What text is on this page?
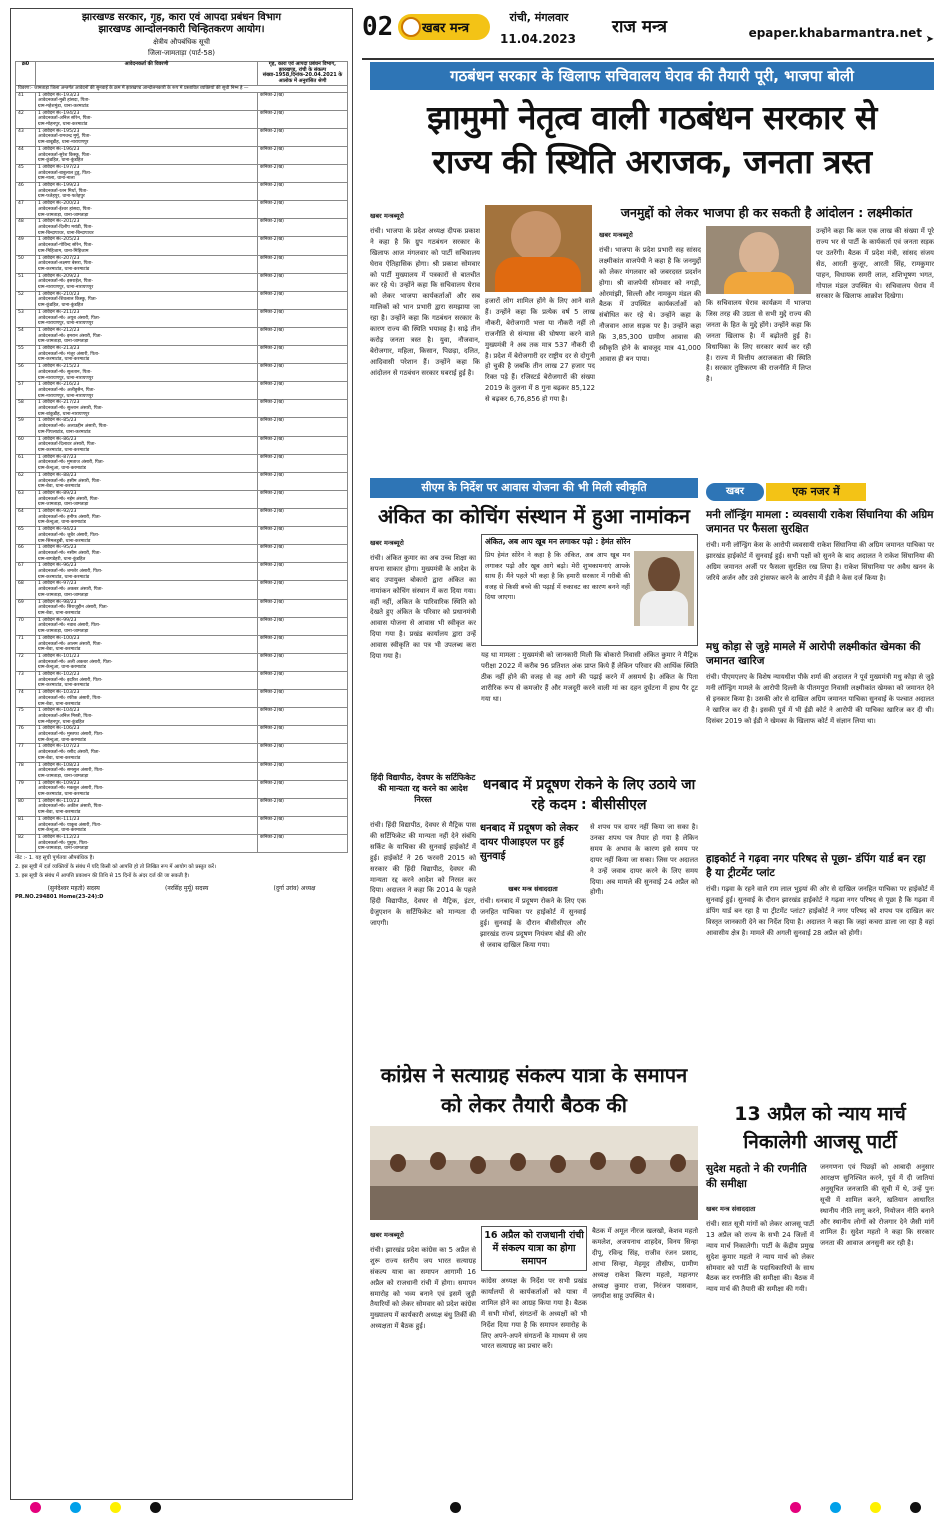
झारखण्ड सरकार, गृह, कारा एवं आपदा प्रबंधन विभाग
झारखण्ड आन्दोलनकारी चिन्हितकरण आयोग।
क्षेत्रीय औपबंधिक सूची
जिला-जामताड़ा (पार्ट-58)
क्र0	आवेदनकर्ता की विवरणी	गृह, कारा एवं आपदा प्रबंधन विभाग, झारखण्ड, रांची के संकल्प संख्या-1958,दिनांक-20.04.2021 के आलोक में अनुशंसित श्रेणी
विवरण:- जामताड़ा जिला अन्तर्गत आवेदनों की सुनवाई के क्रम में झारखण्ड आन्दोलनकारी के रूप में प्रस्तावित व्यक्तियों की सूची निम्न है —		
41	1 आवेदन सं०-193/23
आवेदनकर्ता-मुन्नी हांसदा, पिता-
ग्राम-महेशमुंडा, थाना-करमाटांड	कनिका-2(ख)
42	1 आवेदन सं०-194/23
आवेदनकर्ता-अनिल सोरेन, पिता-
ग्राम-मोहनपुर, थाना-करमाटांड	कनिका-2(ख)
43	1 आवेदन सं०-195/23
आवेदनकर्ता-रामचन्द्र मुर्मू, पिता-
ग्राम-बाबूडीह, थाना-नारायणपुर	कनिका-2(ख)
44	1 आवेदन सं०-196/23
आवेदनकर्ता-सुरेश किस्कु, पिता-
ग्राम-कुंडहित, थाना-कुंडहित	कनिका-2(ख)
45	1 आवेदन सं०-197/23
आवेदनकर्ता-बाबुलाल टुडू, पिता-
ग्राम-नाला, थाना-नाला	कनिका-2(ख)
46	1 आवेदन सं०-199/23
आवेदनकर्ता-रतन मिर्धा, पिता-
ग्राम-फतेहपुर, थाना-फतेहपुर	कनिका-2(ख)
47	1 आवेदन सं०-200/23
आवेदनकर्ता-ईश्वर हांसदा, पिता-
ग्राम-जामताड़ा, थाना-जामताड़ा	कनिका-2(ख)
48	1 आवेदन सं०-201/23
आवेदनकर्ता-दिलीप मरांडी, पिता-
ग्राम-बिन्दापाथर, थाना-बिन्दापाथर	कनिका-2(ख)
49	1 आवेदन सं०-205/23
आवेदनकर्ता-गोविन्द सोरेन, पिता-
ग्राम-मिहिजाम, थाना-मिहिजाम	कनिका-2(ख)
50	1 आवेदन सं०-207/23
आवेदनकर्ता-लक्ष्मण बेसरा, पिता-
ग्राम-करमाटांड, थाना-करमाटांड	कनिका-2(ख)
51	1 आवेदन सं०-209/23
आवेदनकर्ता-मो० इसराईल, पिता-
ग्राम-नारायणपुर, थाना-नारायणपुर	कनिका-2(ख)
52	1 आवेदन सं०-210/23
आवेदनकर्ता-शिवलाल किस्कु, पिता-
ग्राम-कुंडहित, थाना-कुंडहित	कनिका-2(ख)
53	1 आवेदन सं०-211/23
आवेदनकर्ता-मो० अयुब अंसारी, पिता-
ग्राम-नारायणपुर, थाना-नारायणपुर	कनिका-2(ख)
54	1 आवेदन सं०-212/23
आवेदनकर्ता-मो० इमरान अंसारी, पिता-
ग्राम-जामताड़ा, थाना-जामताड़ा	कनिका-2(ख)
55	1 आवेदन सं०-213/23
आवेदनकर्ता-मो० मंजूर अंसारी, पिता-
ग्राम-करमाटांड, थाना-करमाटांड	कनिका-2(ख)
56	1 आवेदन सं०-215/23
आवेदनकर्ता-मो० सुलतान, पिता-
ग्राम-नारायणपुर, थाना-नारायणपुर	कनिका-2(ख)
57	1 आवेदन सं०-216/23
आवेदनकर्ता-मो० अलीहुसैन, पिता-
ग्राम-नारायणपुर, थाना-नारायणपुर	कनिका-2(ख)
58	1 आवेदन सं०-217/23
आवेदनकर्ता-मो० सुल्तान अंसारी, पिता-
ग्राम-बांकुडीह, थाना-नारायणपुर	कनिका-2(ख)
59	1 आवेदन सं०-85/23
आवेदनकर्ता-मो० अलाउद्दीन अंसारी, पिता-
ग्राम-पिपलाटांड, थाना-करमाटांड	कनिका-2(ख)
60	1 आवेदन सं०-86/23
आवेदनकर्ता-दिलावर अंसारी, पिता-
ग्राम-करमाटांड, थाना-करमाटांड	कनिका-2(ख)
61	1 आवेदन सं०-87/23
आवेदनकर्ता-मो० मुमताज अंसारी, पिता-
ग्राम-केन्दुआ, थाना-करमाटांड	कनिका-2(ख)
62	1 आवेदन सं०-88/23
आवेदनकर्ता-मो० हसीम अंसारी, पिता-
ग्राम-बेवा, थाना-करमाटांड	कनिका-2(ख)
63	1 आवेदन सं०-89/23
आवेदनकर्ता-मो० नईम अंसारी, पिता-
ग्राम-जामताड़ा, थाना-जामताड़ा	कनिका-2(ख)
64	1 आवेदन सं०-92/23
आवेदनकर्ता-मो० हनीफ अंसारी, पिता-
ग्राम-केन्दुआ, थाना-करमाटांड	कनिका-2(ख)
65	1 आवेदन सं०-94/23
आवेदनकर्ता-मो० जुबैर अंसारी, पिता-
ग्राम-सिमलडूबी, थाना-करमाटांड	कनिका-2(ख)
66	1 आवेदन सं०-95/23
आवेदनकर्ता-मो० नसीम अंसारी, पिता-
ग्राम-बागडेहरी, थाना-कुंडहित	कनिका-2(ख)
67	1 आवेदन सं०-96/23
आवेदनकर्ता-मो० शमशेर अंसारी, पिता-
ग्राम-करमाटांड, थाना-करमाटांड	कनिका-2(ख)
68	1 आवेदन सं०-97/23
आवेदनकर्ता-मो० अकबर अंसारी, पिता-
ग्राम-जामताड़ा, थाना-जामताड़ा	कनिका-2(ख)
69	1 आवेदन सं०-98/23
आवेदनकर्ता-मो० सिराजुद्दीन अंसारी, पिता-
ग्राम-बेवा, थाना-करमाटांड	कनिका-2(ख)
70	1 आवेदन सं०-99/23
आवेदनकर्ता-मो० नवाब अंसारी, पिता-
ग्राम-जामताड़ा, थाना-जामताड़ा	कनिका-2(ख)
71	1 आवेदन सं०-100/23
आवेदनकर्ता-मो० आलम अंसारी, पिता-
ग्राम-बेवा, थाना-करमाटांड	कनिका-2(ख)
72	1 आवेदन सं०-101/23
आवेदनकर्ता-मो० अली अकबर अंसारी, पिता-
ग्राम-केन्दुआ, थाना-करमाटांड	कनिका-2(ख)
73	1 आवेदन सं०-102/23
आवेदनकर्ता-मो० इदरिश अंसारी, पिता-
ग्राम-करमाटांड, थाना-करमाटांड	कनिका-2(ख)
74	1 आवेदन सं०-103/23
आवेदनकर्ता-मो० रफीक अंसारी, पिता-
ग्राम-बेवा, थाना-करमाटांड	कनिका-2(ख)
75	1 आवेदन सं०-104/23
आवेदनकर्ता-अनिल मिस्त्री, पिता-
ग्राम-मोहनपुर, थाना-कुंडहित	कनिका-2(ख)
76	1 आवेदन सं०-106/23
आवेदनकर्ता-मो० मुस्तफा अंसारी, पिता-
ग्राम-केन्दुआ, थाना-करमाटांड	कनिका-2(ख)
77	1 आवेदन सं०-107/23
आवेदनकर्ता-मो० रसीद अंसारी, पिता-
ग्राम-बेवा, थाना-करमाटांड	कनिका-2(ख)
78	1 आवेदन सं०-108/23
आवेदनकर्ता-मो० समसुल अंसारी, पिता-
ग्राम-जामताड़ा, थाना-जामताड़ा	कनिका-2(ख)
79	1 आवेदन सं०-109/23
आवेदनकर्ता-मो० मकबूल अंसारी, पिता-
ग्राम-करमाटांड, थाना-करमाटांड	कनिका-2(ख)
80	1 आवेदन सं०-110/23
आवेदनकर्ता-मो० अकील अंसारी, पिता-
ग्राम-बेवा, थाना-करमाटांड	कनिका-2(ख)
81	1 आवेदन सं०-111/23
आवेदनकर्ता-मो० याकूब अंसारी, पिता-
ग्राम-केन्दुआ, थाना-करमाटांड	कनिका-2(ख)
82	1 आवेदन सं०-112/23
आवेदनकर्ता-मो० युसुफ, पिता-
ग्राम-जामताड़ा, थाना-जामताड़ा	कनिका-2(ख)
नोट :- 1. यह सूची पूर्णतया औपबंधिक है।
2. इस सूची में दर्ज व्यक्तियों के संबंध में यदि किसी को आपत्ति हो तो लिखित रूप में आयोग को प्रस्तुत करें।
3. इस सूची के संबंध में आपत्ति प्रकाशन की तिथि से 15 दिनों के अंदर दर्ज की जा सकती है।
(सुनंदेश्वर महतो) सदस्य	(नरसिंह मुर्मू) सदस्य	(दुर्गा उरांव) अध्यक्ष
PR.NO.294801 Home(23-24):D
02	खबर मन्त्र
रांची, मंगलवार
11.04.2023
राज मन्त्र	epaper.khabarmantra.net ➤
गठबंधन सरकार के खिलाफ सचिवालय घेराव की तैयारी पूरी, भाजपा बोली
झामुमो नेतृत्व वाली गठबंधन सरकार से
राज्य की स्थिति अराजक, जनता त्रस्त
खबर मन्त्रब्यूरो
रांची। भाजपा के प्रदेश अध्यक्ष दीपक प्रकाश ने कहा है कि ग्रुप गठबंधन सरकार के खिलाफ आज मंगलवार को पार्टी सचिवालय घेराव ऐतिहासिक होगा। श्री प्रकाश सोमवार को पार्टी मुख्यालय में पत्रकारों से बातचीत कर रहे थे। उन्होंने कहा कि सचिवालय घेराव को लेकर भाजपा कार्यकर्ताओं और सब मालिकों को भान प्रभारी द्वारा समझाया जा रहा है। उन्होंने कहा कि गठबंधन सरकार के कारण राज्य की स्थिति भयावह है। साढ़े तीन करोड़ जनता त्रस्त है। युवा, नौजवान, बेरोजगार, महिला, किसान, पिछड़ा, दलित, आदिवासी परेशान हैं। उन्होंने कहा कि आंदोलन से गठबंधन सरकार घबराई हुई है।
हजारों लोग शामिल होंगे के लिए आने वाले हैं। उन्होंने कहा कि प्रत्येक वर्ष 5 लाख नौकरी, बेरोजगारी भत्ता या नौकरी नहीं तो राजनीति से संन्यास की घोषणा करने वाले मुख्यमंत्री ने अब तक मात्र 537 नौकरी दी है। प्रदेश में बेरोजगारी दर राष्ट्रीय दर से दोगुनी हो चुकी है जबकि तीन लाख 27 हजार पद रिक्त पड़े हैं। रजिस्टर्ड बेरोजगारों की संख्या 2019 के तुलना में 8 गुना बढ़कर 85,122 से बढ़कर 6,76,856 हो गया है।
जनमुद्दों को लेकर भाजपा ही कर सकती है आंदोलन : लक्ष्मीकांत
खबर मन्त्रब्यूरो
रांची। भाजपा के प्रदेश प्रभारी सह सांसद लक्ष्मीकांत वाजपेयी ने कहा है कि जनमुद्दों को लेकर मंगलवार को जबरदस्त प्रदर्शन होगा। श्री वाजपेयी सोमवार को नगड़ी, ओरमांझी, सिल्ली और नामकुम मंडल की बैठक में उपस्थित कार्यकर्ताओं को संबोधित कर रहे थे। उन्होंने कहा के नौजवान आज सड़क पर है। उन्होंने कहा कि 3,85,300 ग्रामीण आवास की स्वीकृति होने के बावजूद मात्र 41,000 आवास ही बन पाया।
कि सचिवालय घेराव कार्यक्रम में भाजपा जिस तरह की उग्रता से सभी मुद्दे राज्य की जनता के हित के मुद्दे होंगे। उन्होंने कहा कि जनता खिलाफ है। में बढ़ोतरी हुई है। विधायिका के लिए सरकार कार्य कर रही है। राज्य में वित्तीय अराजकता की स्थिति है। सरकार तुष्टिकरण की राजनीति में लिप्त है।
उन्होंने कहा कि कल एक लाख की संख्या में पूरे राज्य भर से पार्टी के कार्यकर्ता एवं जनता सड़क पर उतरेंगी। बैठक में प्रदेश मंत्री, सांसद संजय सेठ, आरती कुजूर, आरती सिंह, रामकुमार पाहन, विधायक समरी लाल, शशिभूषण भगत, गोपाल मंडल उपस्थित थे। सचिवालय घेराव में सरकार के खिलाफ आक्रोश दिखेगा।
सीएम के निर्देश पर आवास योजना की भी मिली स्वीकृति
अंकित का कोचिंग संस्थान में हुआ नामांकन
खबर मन्त्रब्यूरो
रांची। अंकित कुमार का अब उच्च शिक्षा का सपना साकार होगा। मुख्यमंत्री के आदेश के बाद उपायुक्त बोकारो द्वारा अंकित का नामांकन कोचिंग संस्थान में करा दिया गया। वहीं नहीं, अंकित के पारिवारिक स्थिति को देखते हुए अंकित के परिवार को प्रधानमंत्री आवास योजना से आवास भी स्वीकृत कर दिया गया है। प्रखंड कार्यालय द्वारा उन्हें आवास स्वीकृति का पत्र भी उपलब्ध करा दिया गया है।
अंकित, अब आप खूब मन लगाकर पढ़ो : हेमंत सोरेन
प्रिय हेमंत सोरेन ने कहा है कि अंकित, अब आप खूब मन लगाकर पढ़ो और खूब आगे बढ़ो। मेरी शुभकामनाएं आपके साथ हैं। मैंने पहले भी कहा है कि हमारी सरकार में गरीबी की वजह से किसी बच्चे की पढ़ाई में रुकावट का कारण बनने नहीं दिया जाएगा।
यह था मामला : मुख्यमंत्री को जानकारी मिली कि बोकारो निवासी अंकित कुमार ने मैट्रिक परीक्षा 2022 में करीब 96 प्रतिशत अंक प्राप्त किये हैं लेकिन परिवार की आर्थिक स्थिति ठीक नहीं होने की वजह से वह आगे की पढ़ाई करने में असमर्थ है। अंकित के पिता शारीरिक रूप से कमजोर हैं और मजदूरी करने वाली मां का दहन दुर्घटना में हाथ पैर टूट गया था।
हिंदी विद्यापीठ, देवघर के सर्टिफिकेट की मान्यता रद्द करने का आदेश निरस्त
रांची। हिंदी विद्यापीठ, देवघर से मैट्रिक पास की सर्टिफिकेट की मान्यता नहीं देने संबंधि सर्किट के याचिका की सुनवाई हाईकोर्ट में हुई। हाईकोर्ट ने 26 फरवरी 2015 को सरकार की हिंदी विद्यापीठ, देवघर की मान्यता रद्द करने आदेश को निरस्त कर दिया। अदालत ने कहा कि 2014 के पहले हिंदी विद्यापीठ, देवघर से मैट्रिक, इंटर, ग्रेजुएशन के सर्टिफिकेट को मान्यता दी जाएगी।
धनबाद में प्रदूषण रोकने के लिए उठाये जा रहे कदम : बीसीसीएल
धनबाद में प्रदूषण को लेकर दायर पीआइएल पर हुई सुनवाई
खबर मन्त्र संवाददाता
रांची। धनबाद में प्रदूषण रोकने के लिए एक जनहित याचिका पर हाईकोर्ट में सुनवाई हुई। सुनवाई के दौरान बीसीसीएल और झारखंड राज्य प्रदूषण नियंत्रण बोर्ड की ओर से जवाब दाखिल किया गया।
से शपथ पत्र दायर नहीं किया जा सका है। उनका शपथ पत्र तैयार हो गया है लेकिन समय के अभाव के कारण इसे समय पर दायर नहीं किया जा सका। जिस पर अदालत ने उन्हें जवाब दायर करने के लिए समय दिया। अब मामले की सुनवाई 24 अप्रैल को होगी।
कांग्रेस ने सत्याग्रह संकल्प यात्रा के समापन को लेकर तैयारी बैठक की
खबर मन्त्रब्यूरो
रांची। झारखंड प्रदेश कांग्रेस का 5 अप्रैल से शुरू राज्य स्तरीय जय भारत सत्याग्रह संकल्प यात्रा का समापन आगामी 16 अप्रैल को राजधानी रांची में होगा। समापन समारोह को भव्य बनाने एवं इसमें जुड़ी तैयारियों को लेकर सोमवार को प्रदेश कांग्रेस मुख्यालय में कार्यकारी अध्यक्ष बंधु तिर्की की अध्यक्षता में बैठक हुई।
16 अप्रैल को राजधानी रांची में संकल्प यात्रा का होगा समापन
कांग्रेस अध्यक्ष के निर्देश पर सभी प्रखंड कार्यालयों से कार्यकर्ताओं को यात्रा में शामिल होने का आग्रह किया गया है। बैठक में सभी मोर्चा, संगठनों के अध्यक्षों को भी निर्देश दिया गया है कि समापन समारोह के लिए अपने-अपने संगठनों के माध्यम से जय भारत सत्याग्रह का प्रचार करें।
बैठक में अमूल नीरज खलखो, केशव महतो कमलेश, अजयनाथ शाहदेव, विनय सिन्हा दीपू, रविन्द्र सिंह, राजीव रंजन प्रसाद, आभा सिन्हा, मेहमूद तौसीफ, ग्रामीण अध्यक्ष राकेश किरण महतो, महानगर अध्यक्ष कुमार राजा, निरंजन पासवान, जगदीश साहू उपस्थित थे।
खबर	एक नजर में
मनी लॉन्ड्रिंग मामला : व्यवसायी राकेश सिंघानिया की अग्रिम जमानत पर फैसला सुरक्षित
रांची। मनी लॉन्ड्रिंग केस के आरोपी व्यवसायी राकेश सिंघानिया की अग्रिम जमानत याचिका पर झारखंड हाईकोर्ट में सुनवाई हुई। सभी पक्षों को सुनने के बाद अदालत ने राकेश सिंघानिया की अग्रिम जमानत अर्जी पर फैसला सुरक्षित रख लिया है। राकेश सिंघानिया पर अवैध खनन के जरिये अर्जन और उसे ट्रांसफर करने के आरोप में ईडी ने केस दर्ज किया है।
मधु कोड़ा से जुड़े मामले में आरोपी लक्ष्मीकांत खेमका की जमानत खारिज
रांची। पीएमएलए के विशेष न्यायधीश पीके शर्मा की अदालत ने पूर्व मुख्यमंत्री मधु कोड़ा से जुड़े मनी लॉन्ड्रिंग मामले के आरोपी दिल्ली के पीतमपुरा निवासी लक्ष्मीकांत खेमका को जमानत देने से इनकार किया है। उसकी ओर से दाखिल अग्रिम जमानत याचिका सुनवाई के पश्चात अदालत ने खारिज कर दी है। इसकी पूर्व में भी ईडी कोर्ट ने आरोपी की याचिका खारिज कर दी थी। दिसंबर 2019 को ईडी ने खेमका के खिलाफ कोर्ट में संज्ञान लिया था।
हाइकोर्ट ने गढ़वा नगर परिषद से पूछा- डंपिंग यार्ड बन रहा है या ट्रीटमेंट प्लांट
रांची। गढ़वा के रहने वाले राम लाल भुइयां की ओर से दाखिल जनहित याचिका पर हाईकोर्ट में सुनवाई हुई। सुनवाई के दौरान झारखंड हाईकोर्ट ने गढ़वा नगर परिषद से पूछा है कि गढ़वा में डंपिंग यार्ड बन रहा है या ट्रीटमेंट प्लांट? हाईकोर्ट ने नगर परिषद को शपथ पत्र दाखिल कर विस्तृत जानकारी देने का निर्देश दिया है। अदालत ने कहा कि जहां कचरा डाला जा रहा है वहां आवासीय क्षेत्र है। मामले की अगली सुनवाई 28 अप्रैल को होगी।
13 अप्रैल को न्याय मार्च निकालेगी आजसू पार्टी
सुदेश महतो ने की रणनीति की समीक्षा
खबर मन्त्र संवाददाता
रांची। सात सूत्री मांगों को लेकर आजसू पार्टी 13 अप्रैल को राज्य के सभी 24 जिलों में न्याय मार्च निकालेगी। पार्टी के केंद्रीय प्रमुख सुदेश कुमार महतो ने न्याय मार्च को लेकर सोमवार को पार्टी के पदाधिकारियों के साथ बैठक कर रणनीति की समीक्षा की। बैठक में न्याय मार्च की तैयारी की समीक्षा की गयी।
जनगणना एवं पिछड़ों को आबादी अनुसार आरक्षण सुनिश्चित करने, पूर्व में दी जातियां अनुसूचित जनजाति की सूची में थे, उन्हें पुनः सूची में शामिल करने, खतियान आधारित स्थानीय नीति लागू करने, नियोजन नीति बनाने और स्थानीय लोगों को रोजगार देने जैसी मांगें शामिल हैं। सुदेश महतो ने कहा कि सरकार जनता की आवाज अनसुनी कर रही है।
